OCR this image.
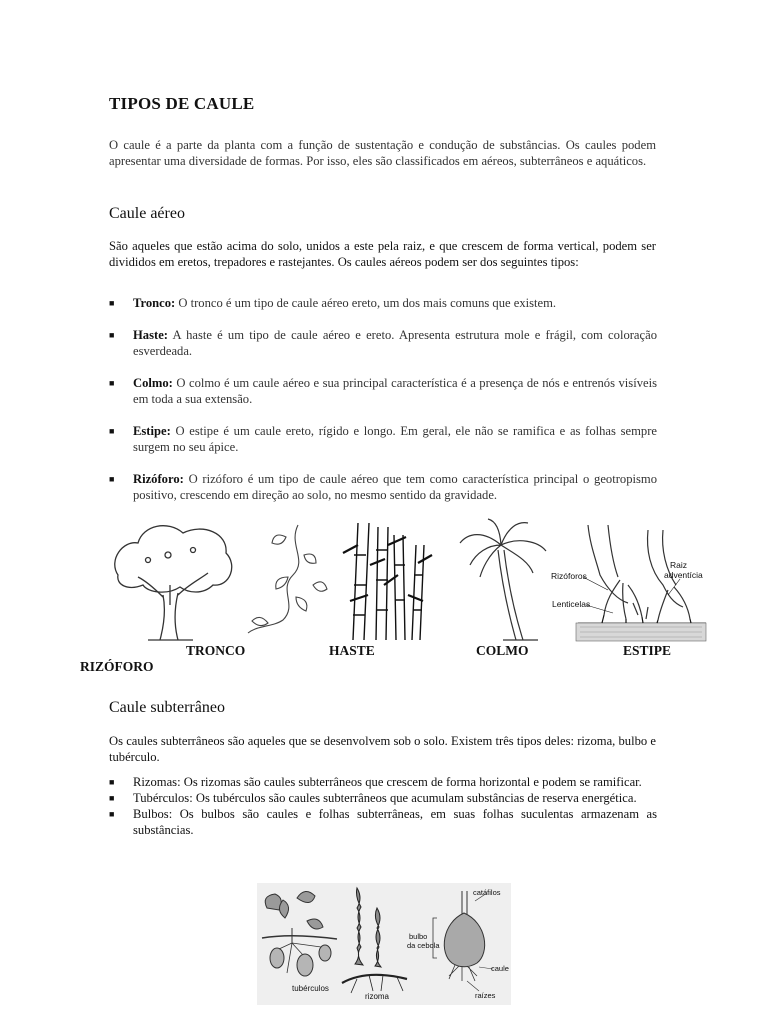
TIPOS DE CAULE
O caule é a parte da planta com a função de sustentação e condução de substâncias. Os caules podem apresentar uma diversidade de formas. Por isso, eles são classificados em aéreos, subterrâneos e aquáticos.
Caule aéreo
São aqueles que estão acima do solo, unidos a este pela raiz, e que crescem de forma vertical, podem ser divididos em eretos, trepadores e rastejantes. Os caules aéreos podem ser dos seguintes tipos:
■ Tronco: O tronco é um tipo de caule aéreo ereto, um dos mais comuns que existem.
■ Haste: A haste é um tipo de caule aéreo e ereto. Apresenta estrutura mole e frágil, com coloração esverdeada.
■ Colmo: O colmo é um caule aéreo e sua principal característica é a presença de nós e entrenós visíveis em toda a sua extensão.
■ Estipe: O estipe é um caule ereto, rígido e longo. Em geral, ele não se ramifica e as folhas sempre surgem no seu ápice.
■ Rizóforo: O rizóforo é um tipo de caule aéreo que tem como característica principal o geotropismo positivo, crescendo em direção ao solo, no mesmo sentido da gravidade.
Rizóforos
Lenticelas
Raiz
adventícia
TRONCO	HASTE	COLMO	ESTIPE
RIZÓFORO
Caule subterrâneo
Os caules subterrâneos são aqueles que se desenvolvem sob o solo. Existem três tipos deles: rizoma, bulbo e tubérculo.
■ Rizomas: Os rizomas são caules subterrâneos que crescem de forma horizontal e podem se ramificar.
■ Tubérculos: Os tubérculos são caules subterrâneos que acumulam substâncias de reserva energética.
■ Bulbos: Os bulbos são caules e folhas subterrâneas, em suas folhas suculentas armazenam as substâncias.
tubérculos
rizoma
catáfilos
bulbo
da cebola
caule
raízes
